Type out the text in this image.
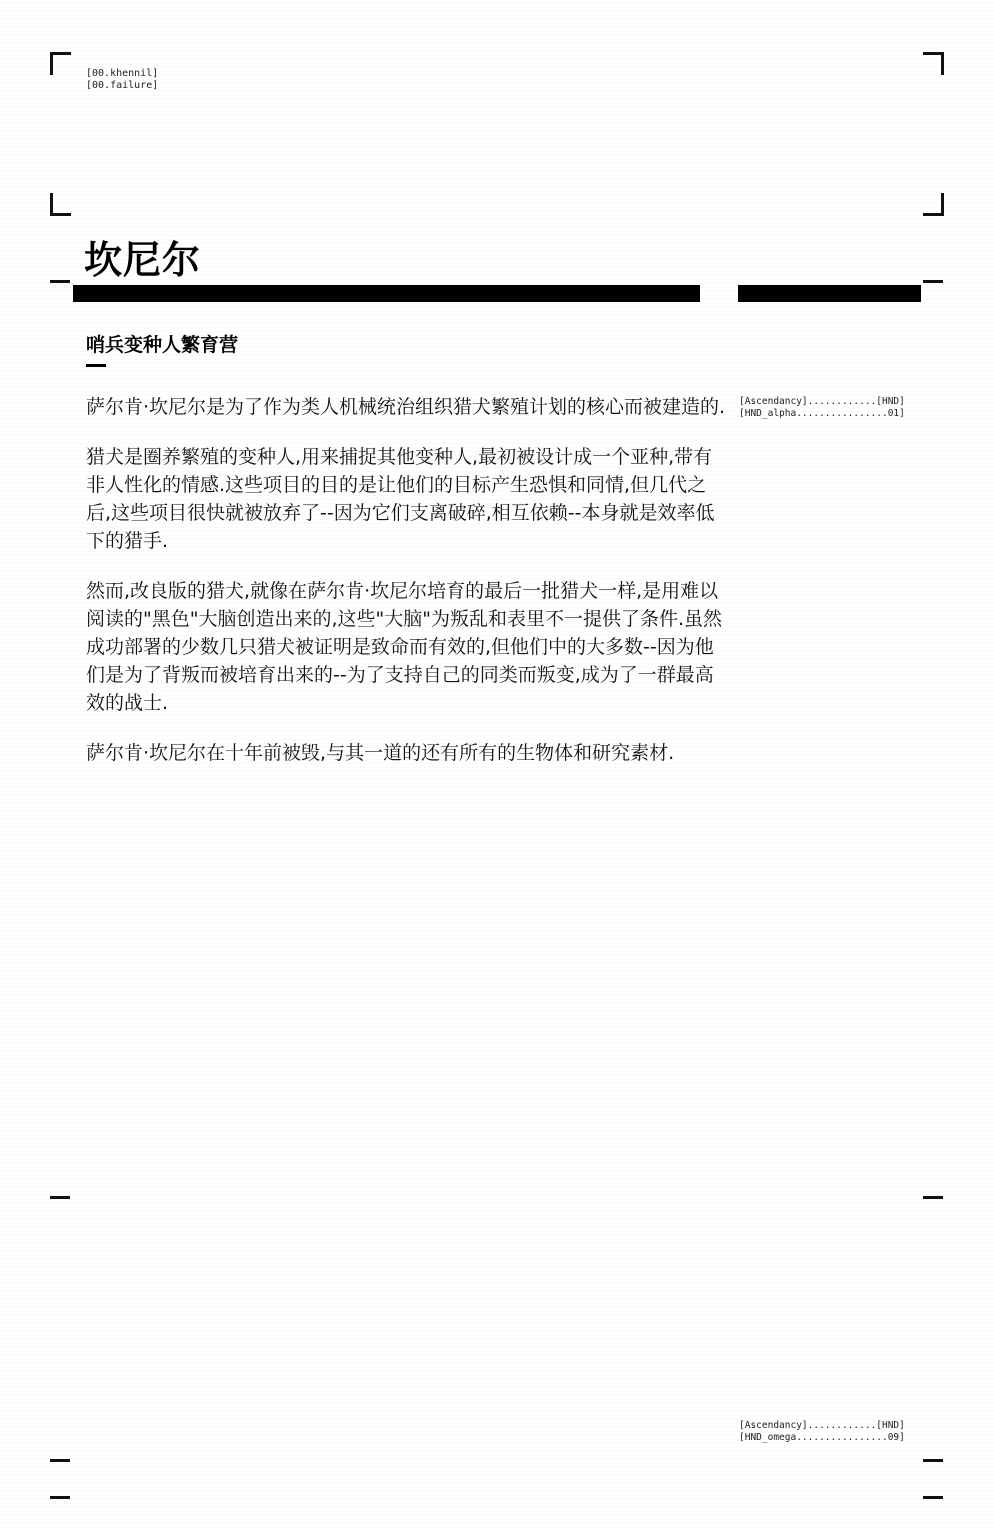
[00.khennil]
[00.failure]
坎尼尔
哨兵变种人繁育营

萨尔肯·坎尼尔是为了作为类人机械统治组织猎犬繁殖计划的核心而被建造的.

猎犬是圈养繁殖的变种人,用来捕捉其他变种人,最初被设计成一个亚种,带有非人性化的情感.这些项目的目的是让他们的目标产生恐惧和同情,但几代之后,这些项目很快就被放弃了--因为它们支离破碎,相互依赖--本身就是效率低下的猎手.

然而,改良版的猎犬,就像在萨尔肯·坎尼尔培育的最后一批猎犬一样,是用难以阅读的"黑色"大脑创造出来的,这些"大脑"为叛乱和表里不一提供了条件.虽然成功部署的少数几只猎犬被证明是致命而有效的,但他们中的大多数--因为他们是为了背叛而被培育出来的--为了支持自己的同类而叛变,成为了一群最高效的战士.

萨尔肯·坎尼尔在十年前被毁,与其一道的还有所有的生物体和研究素材.

[Ascendancy]............[HND]
[HND_alpha................01]
[Ascendancy]............[HND]
[HND_omega................09]
